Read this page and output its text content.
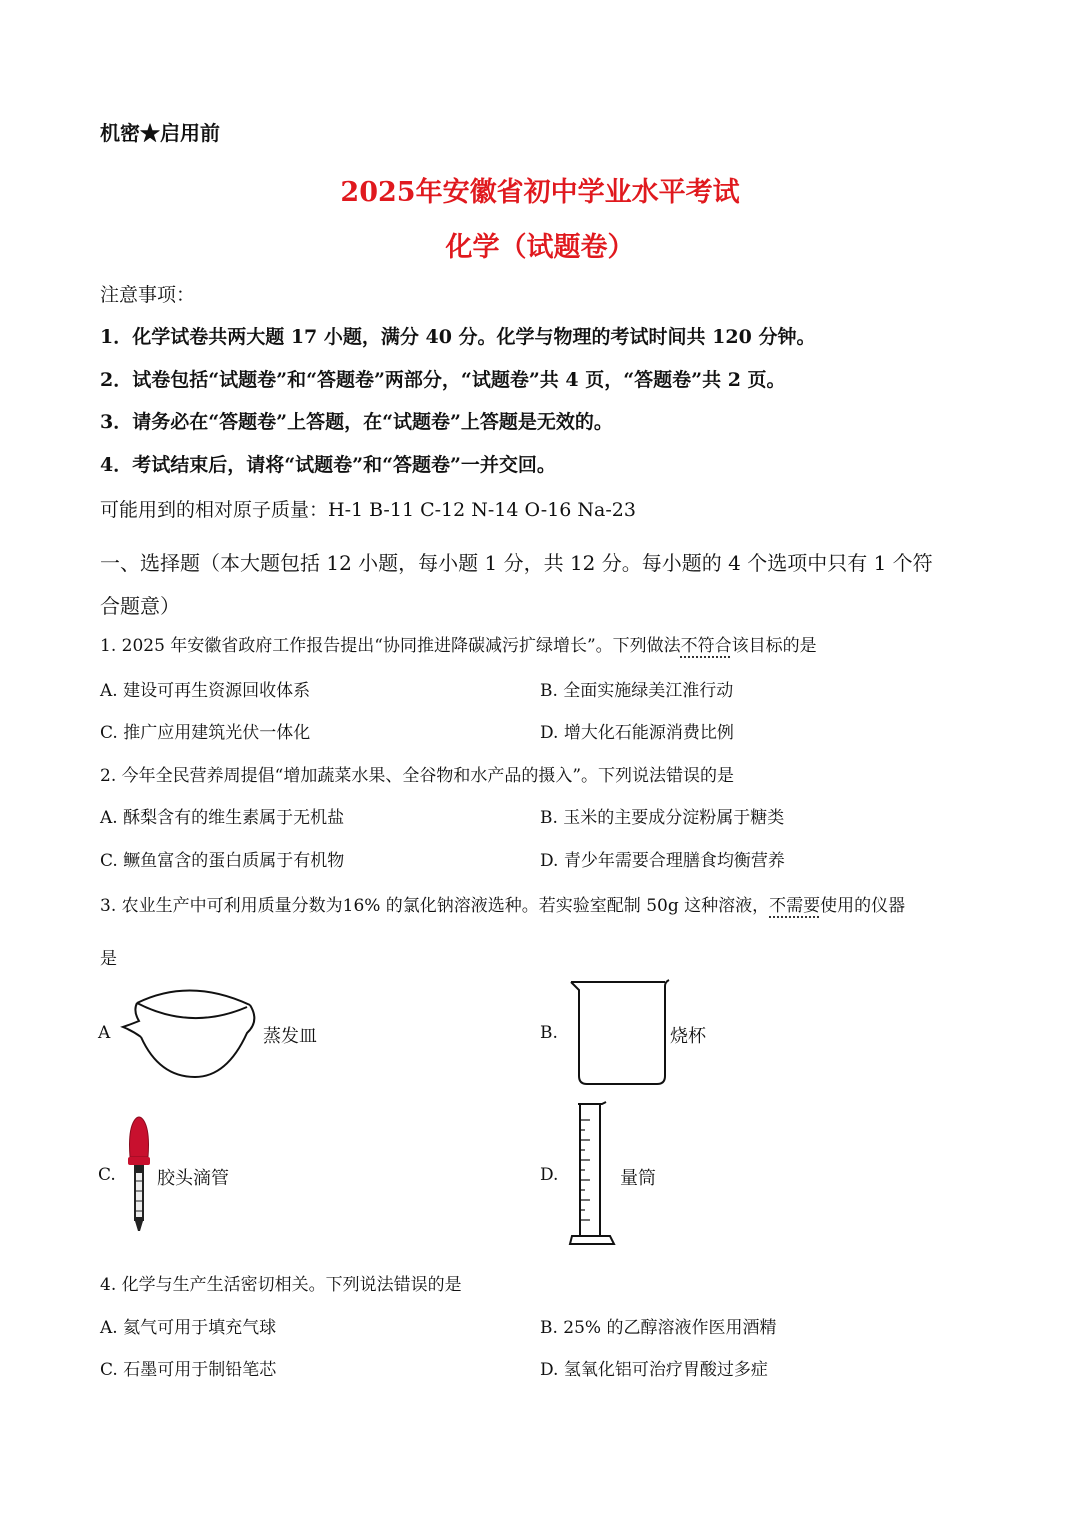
机密★启用前
2025年安徽省初中学业水平考试
化学（试题卷）
注意事项：
1．化学试卷共两大题 17 小题，满分 40 分。化学与物理的考试时间共 120 分钟。
2．试卷包括“试题卷”和“答题卷”两部分，“试题卷”共 4 页，“答题卷”共 2 页。
3．请务必在“答题卷”上答题，在“试题卷”上答题是无效的。
4．考试结束后，请将“试题卷”和“答题卷”一并交回。
可能用到的相对原子质量：H-1 B-11 C-12 N-14 O-16 Na-23
一、选择题（本大题包括 12 小题，每小题 1 分，共 12 分。每小题的 4 个选项中只有 1 个符
合题意）
1. 2025 年安徽省政府工作报告提出“协同推进降碳减污扩绿增长”。下列做法不符合该目标的是
A. 建设可再生资源回收体系	B. 全面实施绿美江淮行动
C. 推广应用建筑光伏一体化	D. 增大化石能源消费比例
2. 今年全民营养周提倡“增加蔬菜水果、全谷物和水产品的摄入”。下列说法错误的是
A. 酥梨含有的维生素属于无机盐	B. 玉米的主要成分淀粉属于糖类
C. 鳜鱼富含的蛋白质属于有机物	D. 青少年需要合理膳食均衡营养
3. 农业生产中可利用质量分数为16% 的氯化钠溶液选种。若实验室配制 50g 这种溶液，不需要使用的仪器
是
A	蒸发皿	B.	烧杯
C. 胶头滴管	D.	量筒
4. 化学与生产生活密切相关。下列说法错误的是
A. 氦气可用于填充气球	B. 25% 的乙醇溶液作医用酒精
C. 石墨可用于制铅笔芯	D. 氢氧化铝可治疗胃酸过多症
